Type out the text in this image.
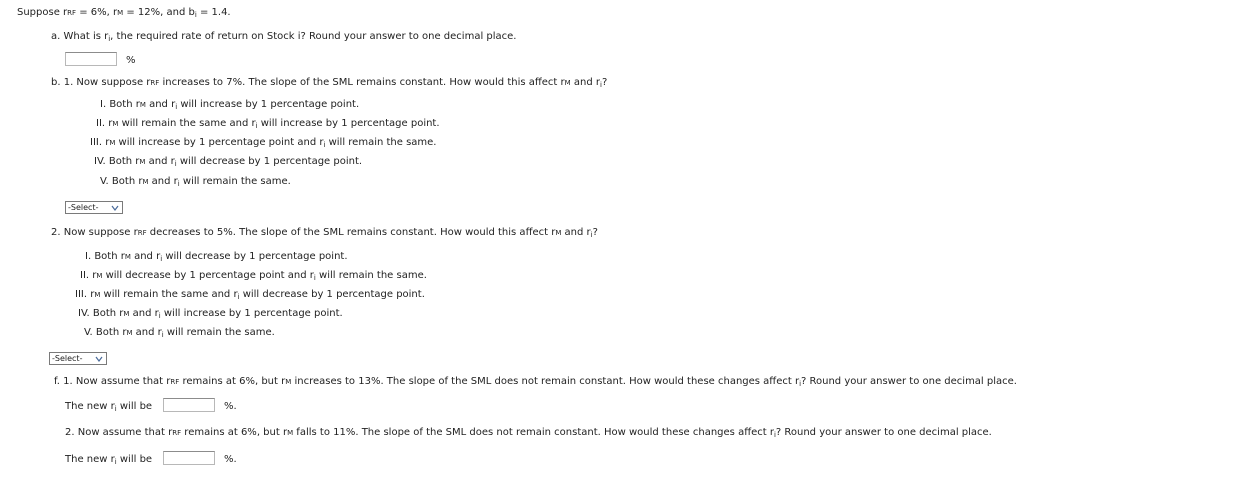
Suppose rRF = 6%, rM = 12%, and $b_i = 1.4$.
a. What is $r_i$, the required rate of return on Stock i? Round your answer to one decimal place.
%
b. 1. Now suppose rRF increases to 7%. The slope of the SML remains constant. How would this affect rM and $r_i$?
I. Both rM and $r_i$ will increase by 1 percentage point.
II. rM will remain the same and $r_i$ will increase by 1 percentage point.
III. rM will increase by 1 percentage point and $r_i$ will remain the same.
IV. Both rM and $r_i$ will decrease by 1 percentage point.
V. Both rM and $r_i$ will remain the same.
-Select-
2. Now suppose rRF decreases to 5%. The slope of the SML remains constant. How would this affect rM and $r_i$?
I. Both rM and $r_i$ will decrease by 1 percentage point.
II. rM will decrease by 1 percentage point and $r_i$ will remain the same.
III. rM will remain the same and $r_i$ will decrease by 1 percentage point.
IV. Both rM and $r_i$ will increase by 1 percentage point.
V. Both rM and $r_i$ will remain the same.
-Select-
f. 1. Now assume that rRF remains at 6%, but rM increases to 13%. The slope of the SML does not remain constant. How would these changes affect $r_i$? Round your answer to one decimal place.
The new $r_i$ will be	%.
2. Now assume that rRF remains at 6%, but rM falls to 11%. The slope of the SML does not remain constant. How would these changes affect $r_i$? Round your answer to one decimal place.
The new $r_i$ will be	%.
